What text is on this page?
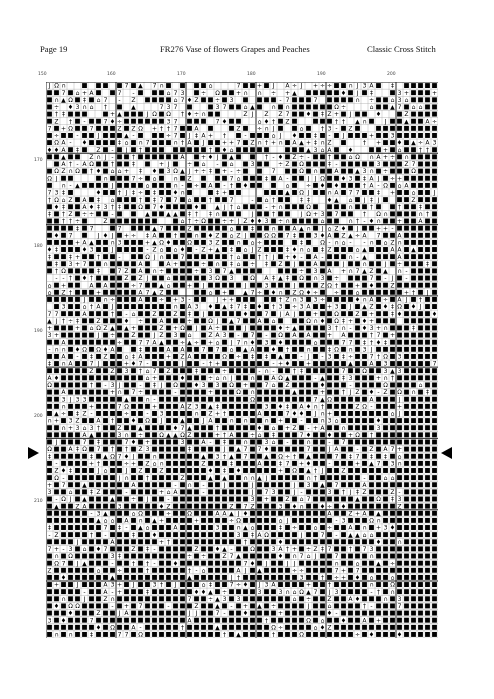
Page 19	FR276 Vase of flowers Grapes and Peaches	Classic Cross Stitch
150	160	170	180	190	200
170
180
190
200
210
J Ω ∩	7 ▲ 7 ∩	⌂	7	+ J A ÷ J + ÷ ÷	∩ J 3 A	‡
7 ⌂ + A	7 -	⌂ 7 3	÷ Ω	+ ∩ ∩ ÷ + ▲	♦ J ‡	3 +	+
∩ ▲ Ω ‡ ⌂ 7 - Z	⌂ 7 ♦ Z	÷ 3	- 7	7	∩ ÷	⌂ 3 ⌂
÷ ♦ 3 ∩ ⌂ †	▲	7 3 7	3 7	⌂ ▲	∩ ∩	Ω ÷	⌂	▲ 7 ⌂ ⌂
† ‡	+ ▲	J Ω Ω † ♦ ÷ ∩	Z J Z Z 7	♦ ‡ Z + J	♦	Z
Z † -	7 ♦ ÷	3 7	7 ♦	⌂ ♦ † Z	† † ▲ ∩	J	▲	A ÷
7 + Ω	7	Z Z Ω + † † 7	A	Z	÷ ∩ J	⌂	† 3 - Z
÷	-	J	▲ -	÷ 7 J ‡ A + †	-	⌂ J ♦	‡ - J	+	3
Ω A - ♦	‡ ⌂ ∩ 7	∩ † A J	+ + 7 Z ∩ † + ∩ A ▲ + ‡ ∩ Z	† +	♦ ▲ ÷ A 3
♦ ♦ A ‡	Z - J †	† ♦ ⌂	▲ 3 ⌂ A	♦	+ ⌂	† †
▲	Z ∩ J -	†	A	+ ♦ J ▲	† - ♦ Z ÷ -	†	⌂ Ω ∩ A + ÷ ∩
A † - A Ω	†	‡	+ J	÷ ⌂ - ⌂	3	÷ Z Ω	‡ -	3	Z 7
Ω Z ∩ Ω † ♦ ⌂ ⌂ + ‡ ♦ 3 Ω ▲ J + ÷ ‡ + - ÷	7	Ω ∩	A	▲ 3 ∩ ÷	Ω
Ω J	∩	7 ÷ ⌂	∩ Z	7 ⌂	‡ A -	J J Ω	♦ 3 ‡ A J ÷ +
∩ - ▲	J	⌂	∩ - ÷ A - † ♦	⌂	÷ ♦ ♦	† A - Ω ⌂ A
7 3 ‡	♦	† J ‡ ÷ ‡	♦ ∩	‡ +	▲ Ω J	∩ A 7 7	‡ +	⌂	J
† Ω ⌂ Z A ‡ ⌂	† ‡ 7 7 ⌂	†	7	- ⌂ †	‡ ‡	♦ ▲ ⌂ J ‡ J	Z
♦ ‡	A ♦ ‡ 3 † ‡	Ω 7 ♦	♦	▲ J † ⌂	- + ∩	Ω	∩	†	†	‡
‡ † Z ÷ ÷	-	▲	▲ ▲ ‡ † ‡ ∩	J	†	J Ω + 3 7	† Ω ∩	∩ †
† † ÷	Z	⌂ † ÷ Ω	÷ + J Z ♦ ♦ 3 ÷ ∩	⌂	∩ † - ♦ ∩	+	A
‡ 7	7	▲ 7	Z	⌂	‡	∩	A ▲ ∩ J ⌂ Z ♦ J	+ + -
♦ 7	J ♦ J + ÷ ‡ A	†	∩ ♦ Z ⌂ Z J	Ω Ω 7 ‡	3 ♦ A Z ▲ ÷ A 7	A
+ A ▲	∩ 3	+ ▲ Ω ♦	Ω	3 Z	∩ ⌂ ÷	‡	Ω - ∩ ⌂ - - ∩ ⌂ Z ∩
♦ ‡	♦ 3	J	- Z ⌂ ⌂ ♦ - Z + ▲ ‡ ⌂ J Z	‡ ♦ ∩ ⌂ ‡ Z	⌂ ▲	A A ▲
‡	‡ +	†	-	Ω J ∩	7	† ⌂	† † J + ♦ - A -	∩ - ▲	A
‡ 3 + 7	∩	A	A +	÷ ∩ ‡ ⌂ ÷ ‡ Z J	A	J	∩	J ÷	‡
† Ω	‡	7 Z A ∩ ÷	÷ 3 7 ▲	÷ 3 A + ∩ 7 ▲ Z ▲ ∩ -
- - † ♦ †	Z Z J	⌂	3 Ω 3	Ω A ‡ ▲ ‡ Ω ∩ 3 ÷	7 - J -
⌂ +	A A	÷ 7	▲ ⌂	+ J	J	3	J	Z Ω †	+ ♦	Z
⌂ Z †	+	A 7 ▲ Z	⌂ +	▲ 7 ÷ ♦ ∩ Z Ω ♦ ÷	÷	⌂	+ † J
J	∩ ÷	A	÷ + 3 -	J + +	† Z ∩ 3 3 ÷	♦ ∩ A ÷ A J †
3	⌂ † A J	∩ A 3 ♦ ▲ ‡ 7 ‡ ♦ † 3 ÷ 3 A	+ 3 J ▲ Z ♦ ‡ Ω ♦ J
7 7	A	† - ⌂	Z	Z ‡ J	♦	7 J A J	+	Ω	Z +	‡ ♦	♦
▲ J † ÷ ‡	Z	♦ ÷	A	÷	Ω J ▲ 7	A ⌂	Ω ∩ ♦ Ω ‡ + ♦ +
+	+ ⌂ Ω Z ▲ ▲ +	Z + Ω J A ÷	J	♦ ÷ ▲	3 † ∩ - ♦ 3 + ∩	‡
3 +	J ÷	Z	J Z 3 ⌂	Z A 3 - 7 - Ω A A	+ A	† 7 +
A	÷	7 7 A ▲	÷ ▲ ÷ + ⌂ J 7 ∩ ♦ 3 ♦	⌂	7 7 ‡ † ♦ ‡
- ∩ ∩ ♦ Ω Ω ♦ A	‡	A A	7 7 ⌂ ▲ A	♦ †	∩	‡ Ω ∩ 3 J
A - ‡ Z	⌂ ‡ A	+ Z A	Ω ÷ ‡ ‡ ▲	- J - 3 ‡ ÷	7 † Ω 3
‡ ∩ A	7 J	+ ♦ 7 -	J	- † +	- + ♦	+	▲	A 3	7
Z	Z 3 † ⌂ 7 Z	‡	÷	- ∩ -	† ‡	7	Ω	3 ▲ 3
A ♦	⌂ +	♦	÷ ⌂ ∩ J	∩	A Ω ▲	- ▲	‡ 3	+ ∩ †
Ω	† - 3 J	- ‡ J Ω	♦ 3 3 Ω +	7 ⌂ Z	♦	-	Ω	⌂
A	+ ∩ 7 ÷	-	+	Ω ∩	▲	+	† J Z ♦ - Z Ω ∩ ‡
3 J 3 3	▲	∩ -	Ω	7 ▲ Ω	A	J
∩	+	7 Ω	+	A Z 3 ▲ ‡	3 ♦ ‡ A ♦ ∩ †	Z Ω -	+
▲ ÷ ‡ Z -	÷	- 3	∩ Z + †	A	7 ♦ ♦ J ∩ +	⌂ J
∩ + 3 Z	A †	♦ Ω J	▲	J A	∩ ∩	∩ +	-	∩ 3 ⌂	♦
∩ + 3 ⌂ 3 †	Z	▲	♦ 7 ▲	†	♦ ⌂ + Z - + A	∩	3
A ▲	3 ∩ ÷	Ω ▲ ▲ Ω Z	+ † A	÷ ⌂ ‡	7 ♦	♦	+ Ω †
J	7 ‡	7 ♦ +	3	A - ‡	∩	3 ⌂ -	∩	- 7
Ω	A ‡ Ω 7 † † Z 3	‡	J ▲ 7 7 ♦	7	J A	- Z A 7 +
‡	‡ ▲ Ω 7 ♦ J	∩	▲ 3 † ▲ 7	▲ Ω ÷ † ▲	7 ‡ 7 ‡ ‡ ⌂
-	+ †	÷ + Z ⌂ ∩	Z	‡	A	‡ 7 + ♦	-	+ ▲ 7 3 ∩
Z ♦ ‡	J ⌂	J Z	Z	♦ ‡ ♦	+ Ω ▲ † J	Z
Ω -	J ∩	†	Z	▲ ▲	∩ ∩ ▲ J	∩ †	-	⌂ ⌂
+ 7	▲	A	- ∩ -	J	J	J 3 ▲ 7	A
3	⌂	‡ Z	-	+ ⌂ A	-	J 7 3	J -	3 † J ‡ Z	Z -
- Ω J ▲	▲	÷ J	-	3 +	Z ⌂ 7	▲	Ω ‡ 3
▲	Z A	3	♦ Z	Z 7 Z	3 ♦ ∩	♦ ÷ ♦	Z
- 3 ▲	⌂ Ω	÷	Ω	A A ▲ J ♦	A	Z + A ▲
▲ ⌂ ⌂ A ∩ ▲ +	+	÷ Ω	⌂ J	- 3	Ω ∩
‡	7 ‡ - ▲ ⌂	A	3	∩ ▲ ⌂	‡ ÷	⌂ ÷	A ∩ + 3 ♦
- Z	† -	‡	♦	3 ‡ A Ω	J	7 - ▲ ▲ ⌂ ⌂
J	A	+ †	†	♦	♦	∩
7 + - 3 ⌂ ♦ 7	Z ‡ -	Z	♦ ▲ -	Ω	3 A † + ÷ Z ‡ 7	† 7 3
∩ Ω	3 ‡	÷ ÷	Z 7 ▲	♦ ∩ 7 ⌂ J	7	∩
Ω 7 J ▲	-	† † -	♦	7 ♦ J	J J	∩	⌂	▲ ÷
Z	⌂	÷	†	† - ⌂	A J ▲	÷ ÷	7 + 7
♦	▲	▲	J †	3	† ÷ + ♦ ⌂	⌂
+	J	A 3 + J	3 † J	⌂ ‡	7 ÷ ♦ J 3 A	+	†	∩	Ω
-	A - +	‡	♦ ♦ ▲ ÷	3	3 ∩ ⌂ Ω ▲ 7 J 3	- † ∩
∩	J	Z ∩	7	÷ ▲ 3 3	⌂ ÷	Z	A ♦	∩ 3
♦ Ω Ω	- + 7	-	Z	▲ - + ▲ ÷	J	⌂	† -	7
♦	Z	J A	J J	7 -	♦	+	♦ -
3 ♦	7	A	†	Ω ⌂	♦	A +
♦ Ω	A -	†	▲	Ω ÷	⌂ ♦ Z
∩ ∩	‡	7 7 Ω	† ▲	†	Ω	÷ ♦	♦
